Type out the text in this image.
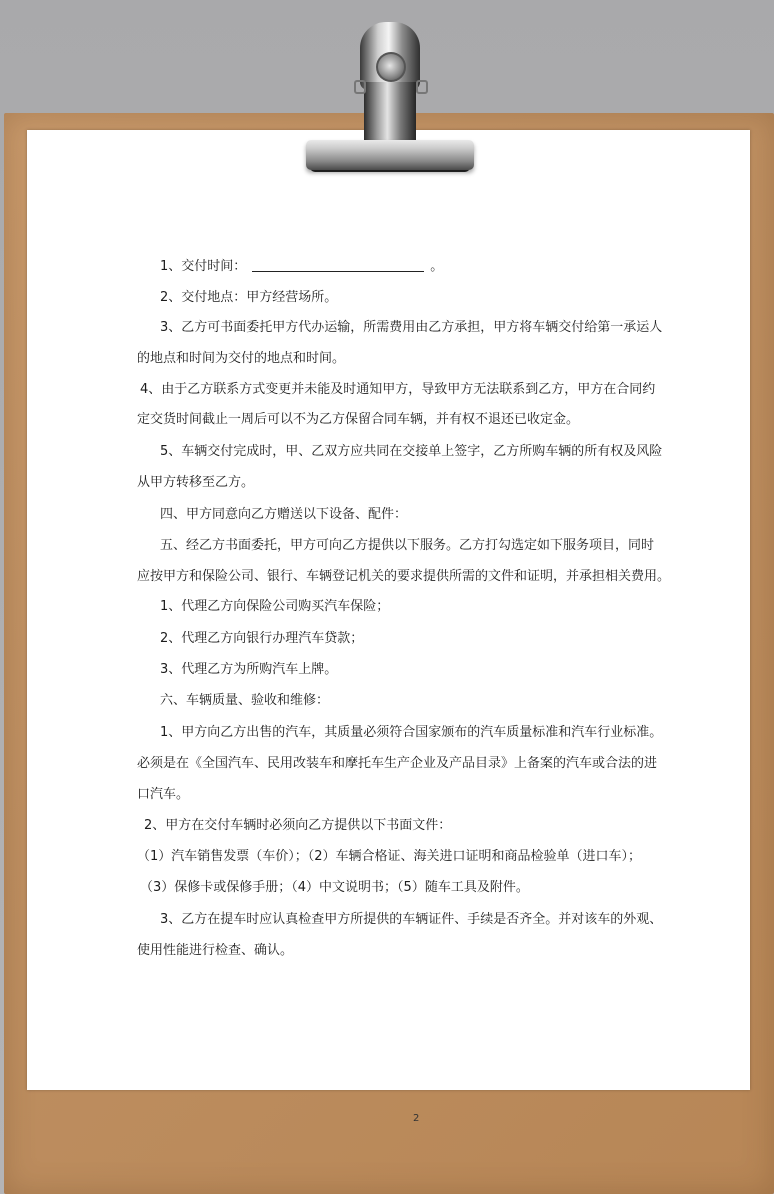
1、交付时间：	。
2、交付地点：甲方经营场所。
3、乙方可书面委托甲方代办运输，所需费用由乙方承担，甲方将车辆交付给第一承运人
的地点和时间为交付的地点和时间。
4、由于乙方联系方式变更并未能及时通知甲方，导致甲方无法联系到乙方，甲方在合同约
定交货时间截止一周后可以不为乙方保留合同车辆，并有权不退还已收定金。
5、车辆交付完成时，甲、乙双方应共同在交接单上签字，乙方所购车辆的所有权及风险
从甲方转移至乙方。
四、甲方同意向乙方赠送以下设备、配件：
五、经乙方书面委托，甲方可向乙方提供以下服务。乙方打勾选定如下服务项目，同时
应按甲方和保险公司、银行、车辆登记机关的要求提供所需的文件和证明，并承担相关费用。
1、代理乙方向保险公司购买汽车保险；
2、代理乙方向银行办理汽车贷款；
3、代理乙方为所购汽车上牌。
六、车辆质量、验收和维修：
1、甲方向乙方出售的汽车，其质量必须符合国家颁布的汽车质量标准和汽车行业标准。
必须是在《全国汽车、民用改装车和摩托车生产企业及产品目录》上备案的汽车或合法的进
口汽车。
2、甲方在交付车辆时必须向乙方提供以下书面文件：
（1）汽车销售发票（车价）；（2）车辆合格证、海关进口证明和商品检验单（进口车）；
（3）保修卡或保修手册；（4）中文说明书；（5）随车工具及附件。
3、乙方在提车时应认真检查甲方所提供的车辆证件、手续是否齐全。并对该车的外观、
使用性能进行检查、确认。
2
